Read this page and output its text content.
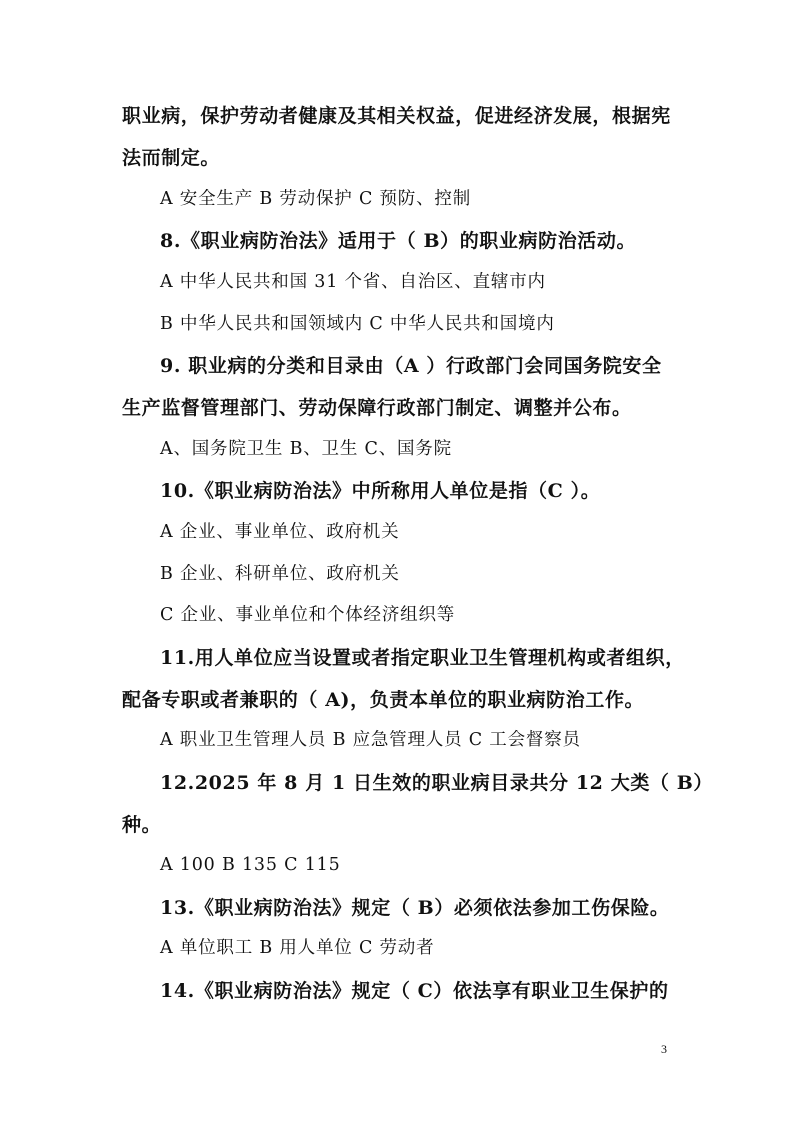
职业病，保护劳动者健康及其相关权益，促进经济发展，根据宪
法而制定。
A 安全生产 B 劳动保护 C 预防、控制
8.《职业病防治法》适用于（ B）的职业病防治活动。
A 中华人民共和国 31 个省、自治区、直辖市内
B 中华人民共和国领域内 C 中华人民共和国境内
9. 职业病的分类和目录由（A ）行政部门会同国务院安全
生产监督管理部门、劳动保障行政部门制定、调整并公布。
A、国务院卫生 B、卫生 C、国务院
10.《职业病防治法》中所称用人单位是指（C ）。
A 企业、事业单位、政府机关
B 企业、科研单位、政府机关
C 企业、事业单位和个体经济组织等
11.用人单位应当设置或者指定职业卫生管理机构或者组织，
配备专职或者兼职的（ A)，负责本单位的职业病防治工作。
A 职业卫生管理人员 B 应急管理人员 C 工会督察员
12.2025 年 8 月 1 日生效的职业病目录共分 12 大类（ B）
种。
A 100 B 135 C 115
13.《职业病防治法》规定（ B）必须依法参加工伤保险。
A 单位职工 B 用人单位 C 劳动者
14.《职业病防治法》规定（ C）依法享有职业卫生保护的
3
